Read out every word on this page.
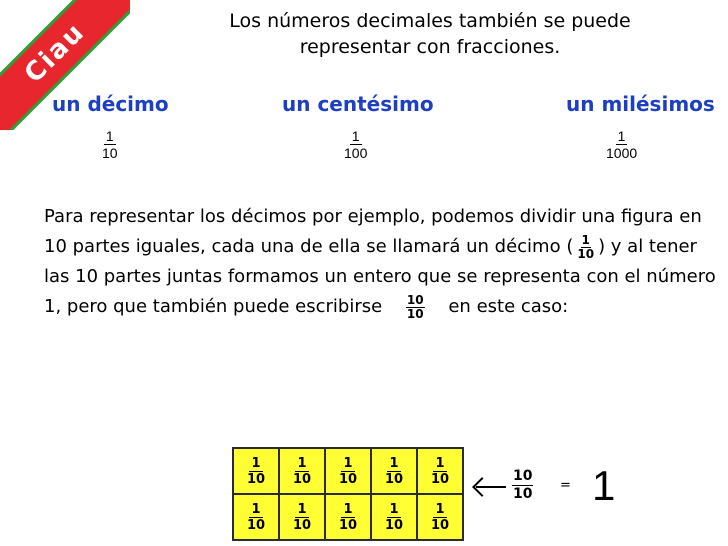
Ciau	Los números decimales también se puede representar con fracciones.
un décimo
$\frac{1}{10}$
un centésimo
$\frac{1}{100}$
un milésimos
$\frac{1}{1000}$
Para representar los décimos por ejemplo, podemos dividir una figura en 10 partes iguales, cada una de ella se llamará un décimo ( $\frac{1}{10}$ ) y al tener las 10 partes juntas formamos un entero que se representa con el número 1, pero que también puede escribirse $\frac{10}{10}$ en este caso:
$\frac{1}{10} \frac{1}{10} \frac{1}{10} \frac{1}{10} \frac{1}{10}$
$\frac{1}{10} \frac{1}{10} \frac{1}{10} \frac{1}{10} \frac{1}{10}$
$\frac{10}{10} = 1$
